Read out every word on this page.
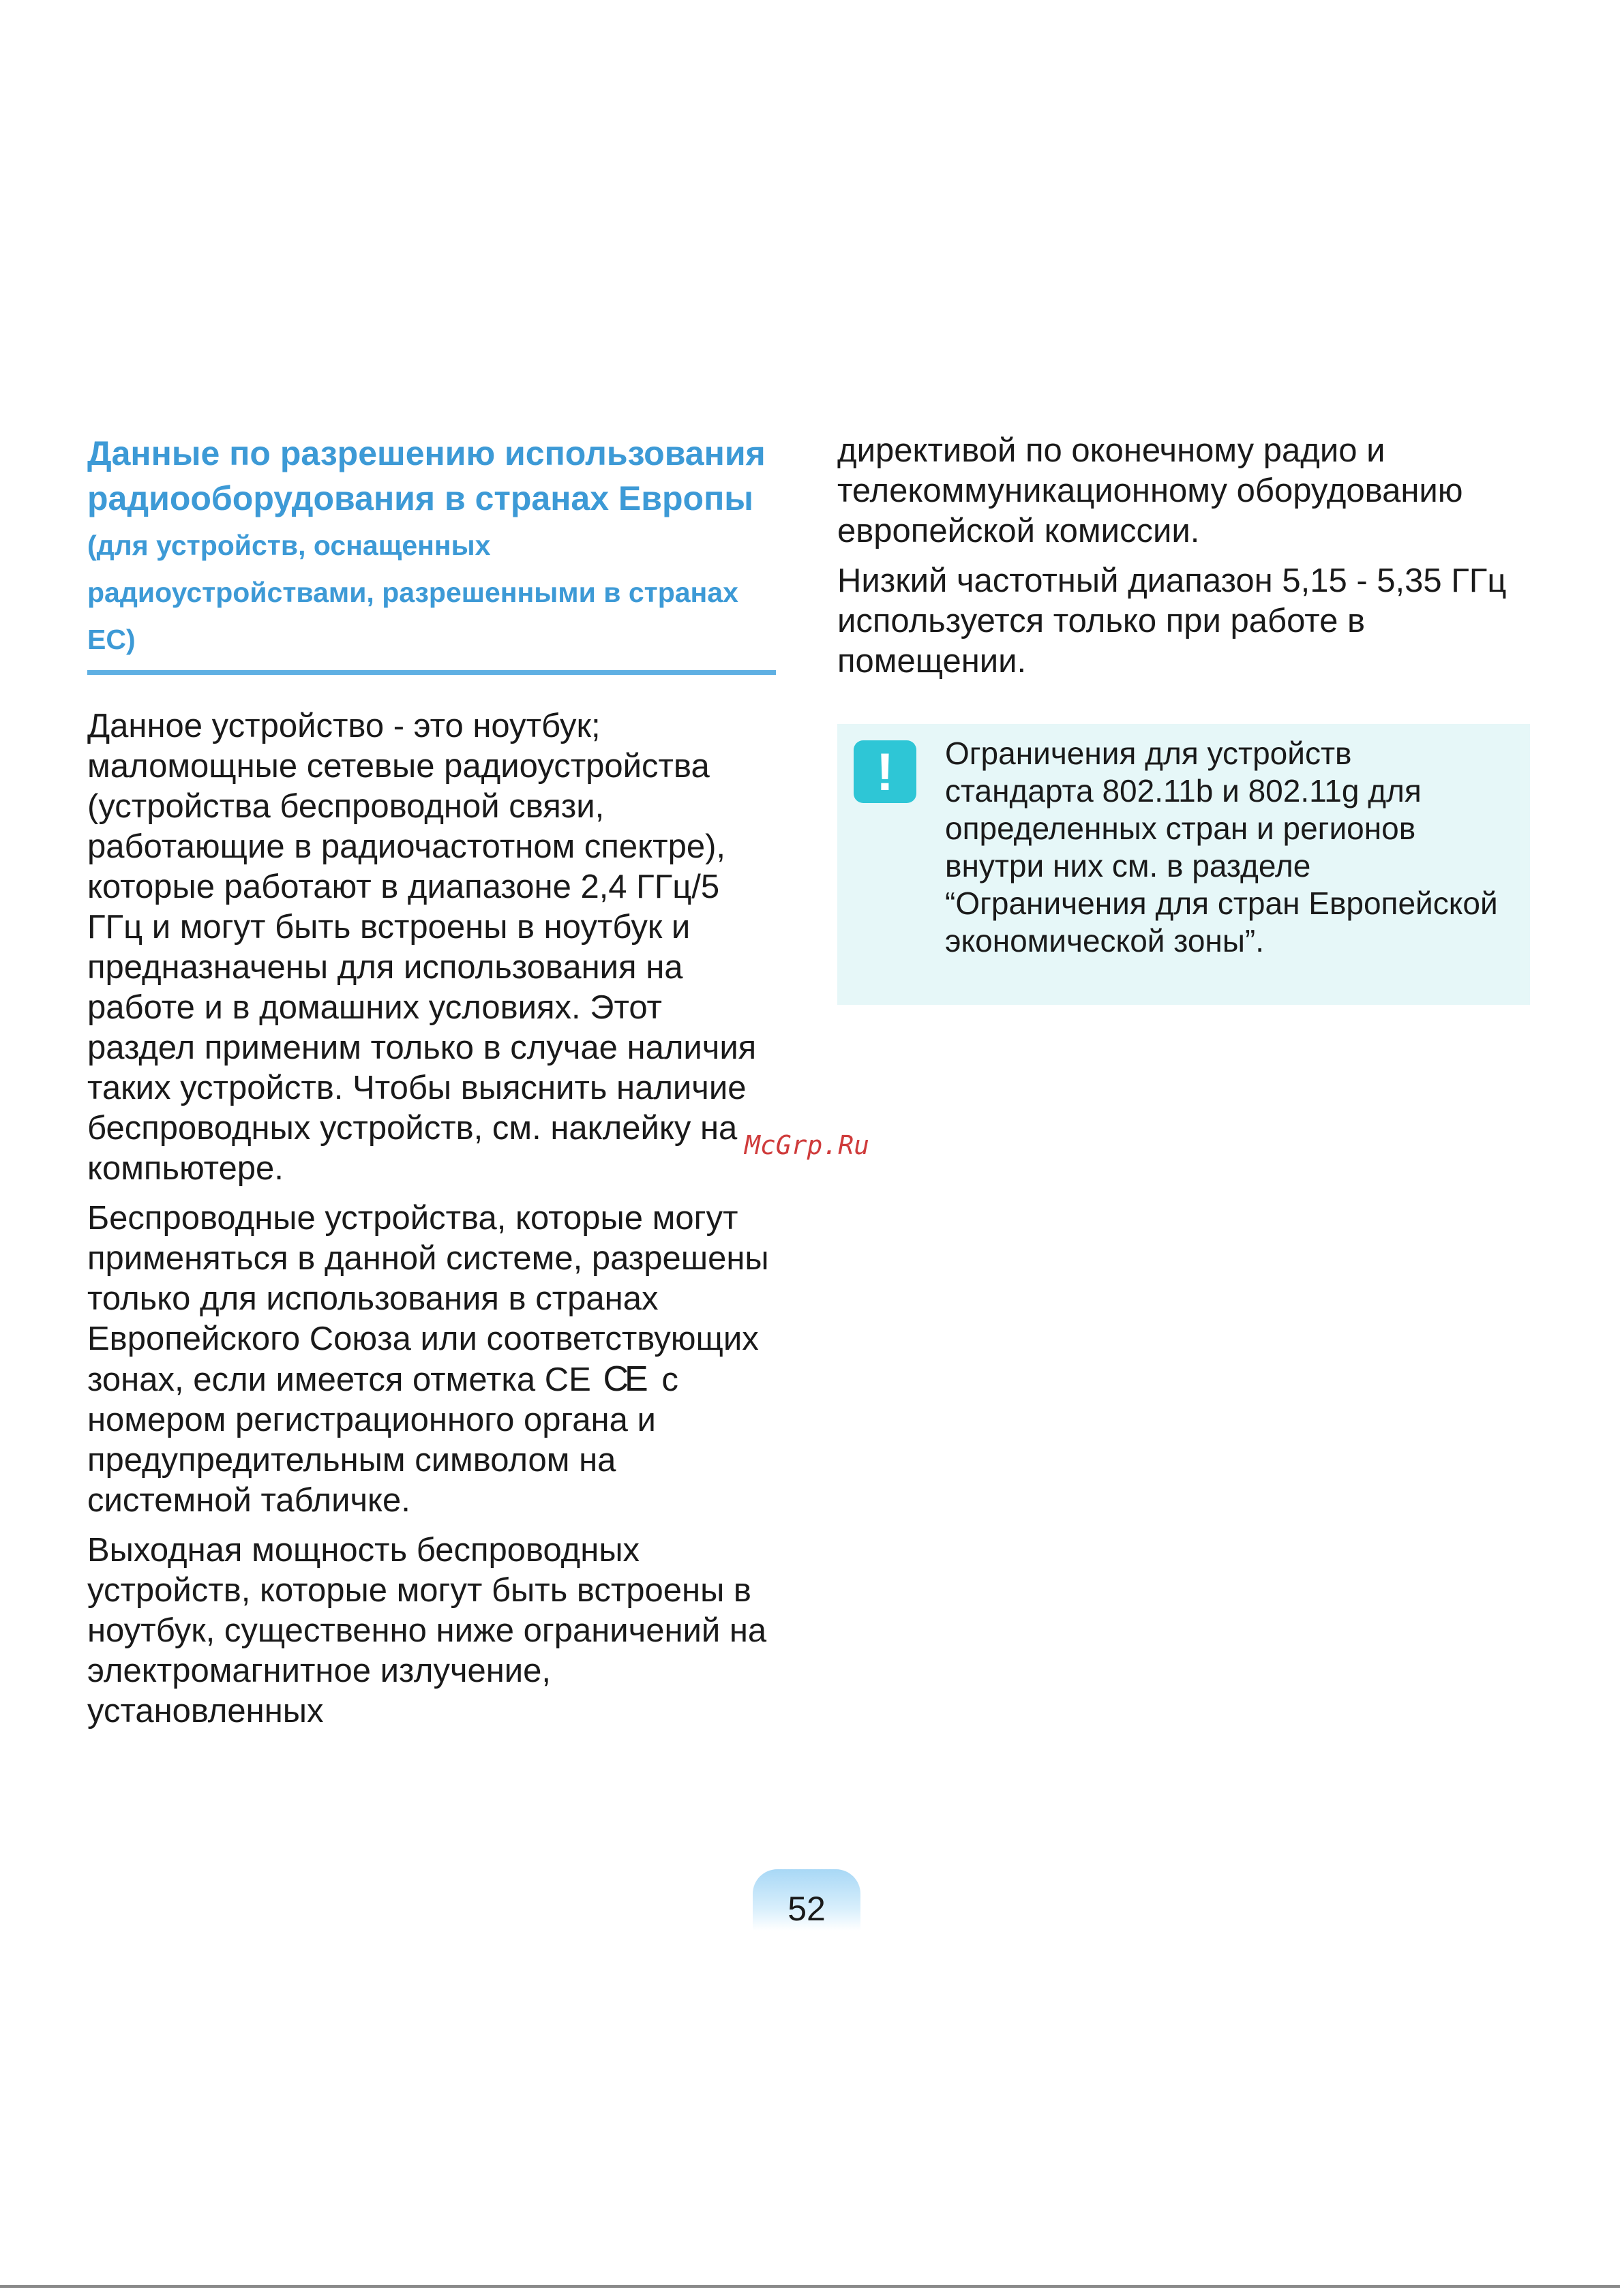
Данные по разрешению использования радиооборудования в странах Европы (для устройств, оснащенных радиоустройствами, разрешенными в странах ЕС)

Данное устройство - это ноутбук; маломощные сетевые радиоустройства (устройства беспроводной связи, работающие в радиочастотном спектре), которые работают в диапазоне 2,4 ГГц/5 ГГц и могут быть встроены в ноутбук и предназначены для использования на работе и в домашних условиях. Этот раздел применим только в случае наличия таких устройств. Чтобы выяснить наличие беспроводных устройств, см. наклейку на компьютере.

Беспроводные устройства, которые могут применяться в данной системе, разрешены только для использования в странах Европейского Союза или соответствующих зонах, если имеется отметка CE CE с номером регистрационного органа и предупредительным символом на системной табличке.

Выходная мощность беспроводных устройств, которые могут быть встроены в ноутбук, существенно ниже ограничений на электромагнитное излучение, установленных

директивой по оконечному радио и телекоммуникационному оборудованию европейской комиссии.

Низкий частотный диапазон 5,15 - 5,35 ГГц используется только при работе в помещении.

!	Ограничения для устройств стандарта 802.11b и 802.11g для определенных стран и регионов внутри них см. в разделе “Ограничения для стран Европейской экономической зоны”.
McGrp.Ru
52
